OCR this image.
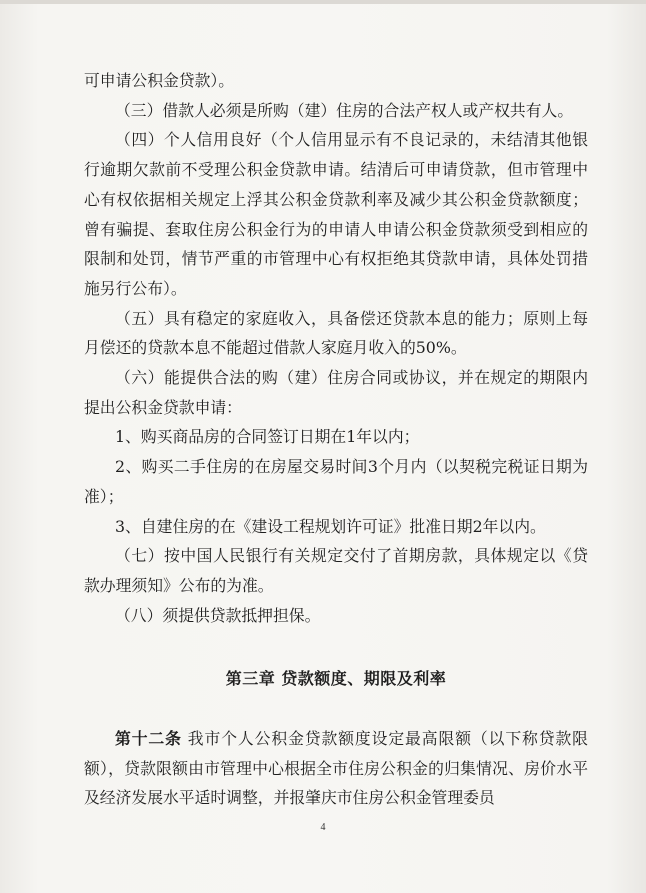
可申请公积金贷款）。

（三）借款人必须是所购（建）住房的合法产权人或产权共有人。

（四）个人信用良好（个人信用显示有不良记录的，未结清其他银行逾期欠款前不受理公积金贷款申请。结清后可申请贷款，但市管理中心有权依据相关规定上浮其公积金贷款利率及减少其公积金贷款额度；曾有骗提、套取住房公积金行为的申请人申请公积金贷款须受到相应的限制和处罚，情节严重的市管理中心有权拒绝其贷款申请，具体处罚措施另行公布）。

（五）具有稳定的家庭收入，具备偿还贷款本息的能力；原则上每月偿还的贷款本息不能超过借款人家庭月收入的50%。

（六）能提供合法的购（建）住房合同或协议，并在规定的期限内提出公积金贷款申请：

1、购买商品房的合同签订日期在1年以内；

2、购买二手住房的在房屋交易时间3个月内（以契税完税证日期为准）；

3、自建住房的在《建设工程规划许可证》批准日期2年以内。

（七）按中国人民银行有关规定交付了首期房款，具体规定以《贷款办理须知》公布的为准。

（八）须提供贷款抵押担保。

第三章 贷款额度、期限及利率

第十二条 我市个人公积金贷款额度设定最高限额（以下称贷款限额），贷款限额由市管理中心根据全市住房公积金的归集情况、房价水平及经济发展水平适时调整，并报肇庆市住房公积金管理委员

4
